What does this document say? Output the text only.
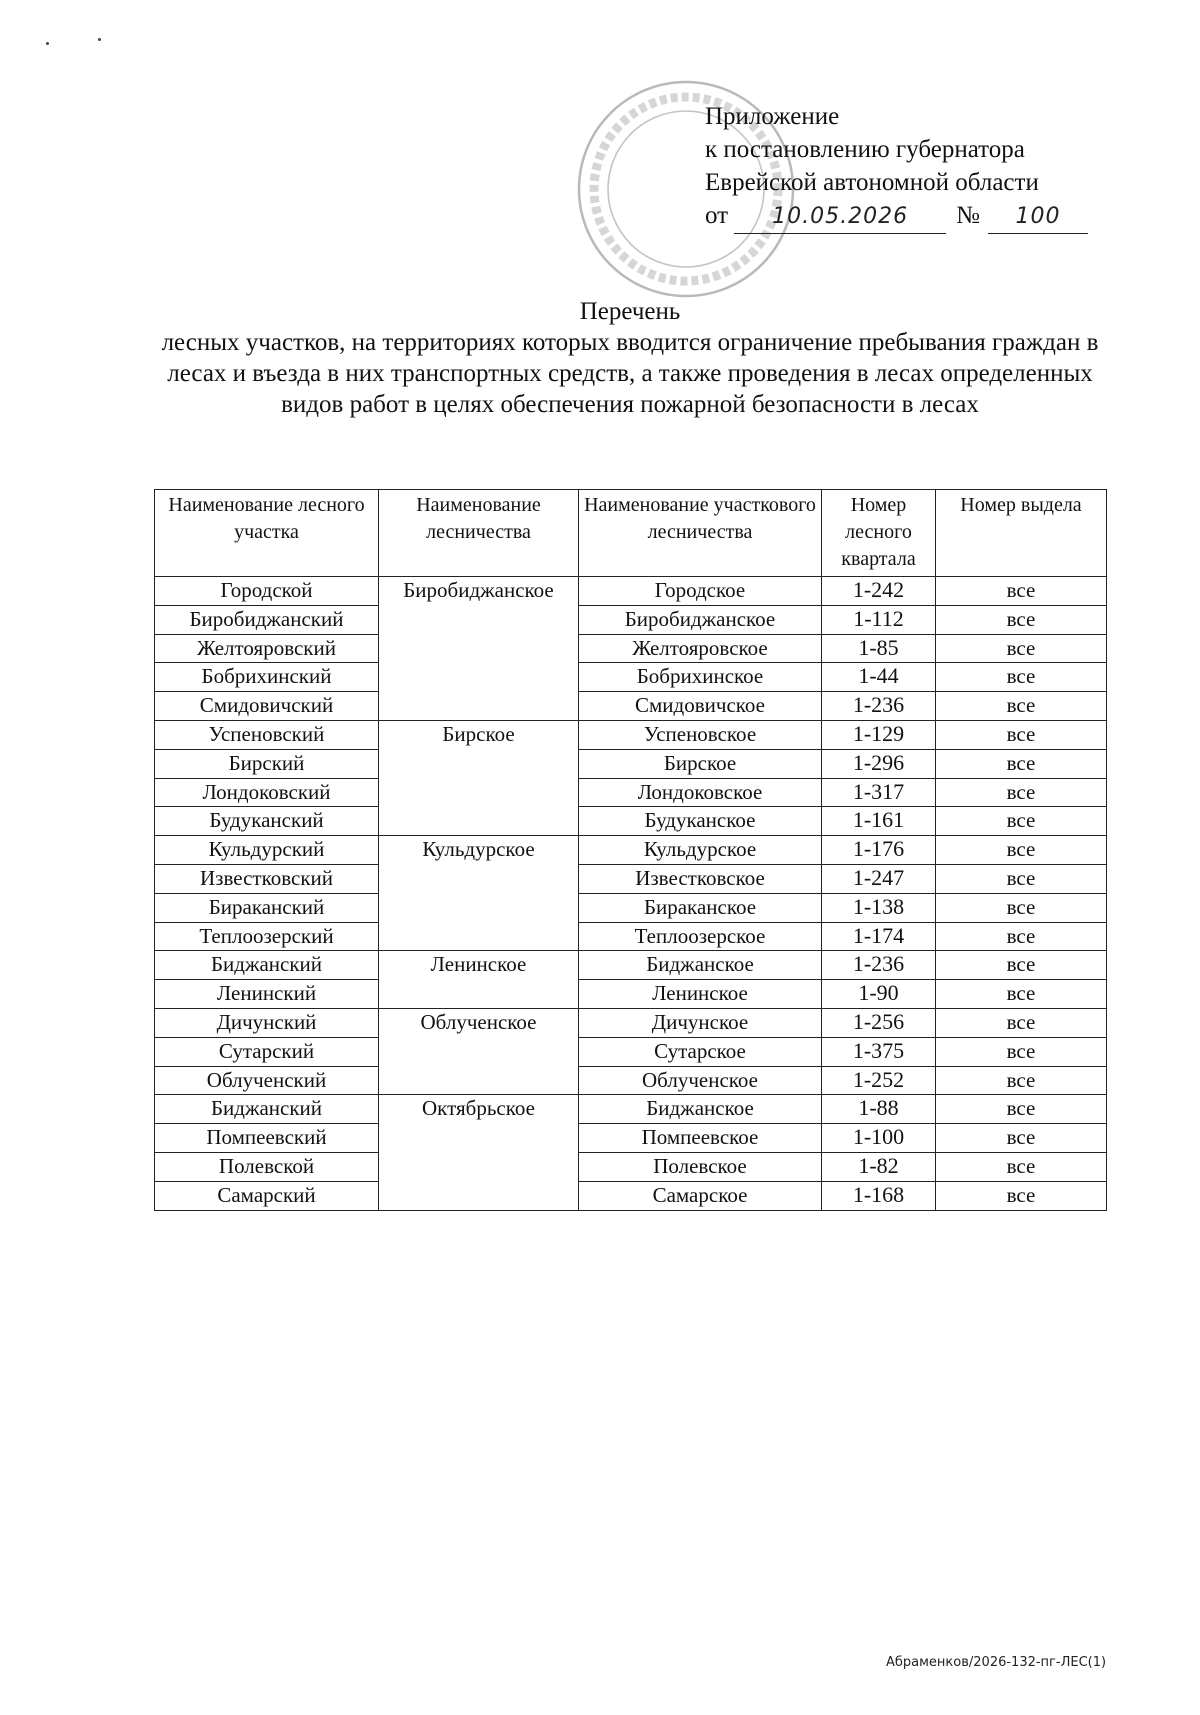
Приложение
к постановлению губернатора
Еврейской автономной области
от 10.05.2026 № 100
Перечень
лесных участков, на территориях которых вводится ограничение пребывания граждан в лесах и въезда в них транспортных средств, а также проведения в лесах определенных видов работ в целях обеспечения пожарной безопасности в лесах
Наименование лесного участка	Наименование лесничества	Наименование участкового лесничества	Номер лесного квартала	Номер выдела
Городской	Биробиджанское	Городское	1-242	все
Биробиджанский		Биробиджанское	1-112	все
Желтояровский		Желтояровское	1-85	все
Бобрихинский		Бобрихинское	1-44	все
Смидовичский		Смидовичское	1-236	все
Успеновский	Бирское	Успеновское	1-129	все
Бирский		Бирское	1-296	все
Лондоковский		Лондоковское	1-317	все
Будуканский		Будуканское	1-161	все
Кульдурский	Кульдурское	Кульдурское	1-176	все
Известковский		Известковское	1-247	все
Бираканский		Бираканское	1-138	все
Теплоозерский		Теплоозерское	1-174	все
Биджанский	Ленинское	Биджанское	1-236	все
Ленинский		Ленинское	1-90	все
Дичунский	Облученское	Дичунское	1-256	все
Сутарский		Сутарское	1-375	все
Облученский		Облученское	1-252	все
Биджанский	Октябрьское	Биджанское	1-88	все
Помпеевский		Помпеевское	1-100	все
Полевской		Полевское	1-82	все
Самарский		Самарское	1-168	все
Абраменков/2026-132-пг-ЛЕС(1)
